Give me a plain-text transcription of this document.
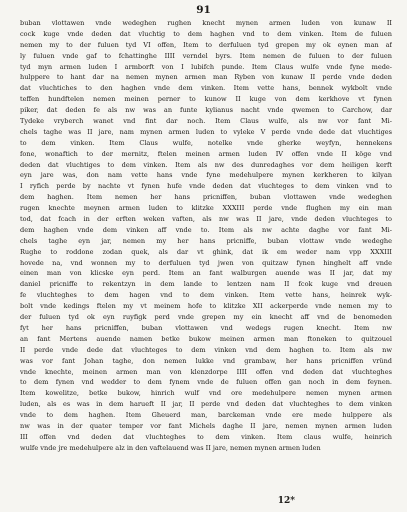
91
buban vlottawen vnde wedeghen rughen knecht mynen armen luden von kunaw II
cock kuge vnde deden dat vluchtig to dem haghen vnd to dem vinken. Item de fuluen
nemen my to der fuluen tyd VI offen, Item to derfuluen tyd grepen my ok eynen man af
ly fuluen vnde gaf to fchattinghe IIII verndel byrs. Item nemen de fuluen to der fuluen
tyd myn armen luden I armborft von I lubifch punde. Item Claus wulfe vnde fyne mede-
hulppere to hant dar na nemen mynen armen man Ryben von kunaw II perde vnde deden
dat vluchtiches to den haghen vnde dem vinken. Item vette hans, bennek wykbolt vnde
teffen hundftelen nemen meinen perner to kunow II kuge von dem kerkhove vt fynen
piker, dat deden fe als nw was an funte kylianus nacht vnde qwemen to Carchow, dar
Tydeke vryberch wanet vnd fint dar noch. Item Claus wulfe, als nw vor fant Mi-
chels taghe was II jare, nam mynen armen luden to vyleke V perde vnde dede dat vluchtiges
to dem vinken. Item Claus wulfe, notelke vnde gherke weyfyn, hennekens
fone, wonaftich to der mernitz, ftelen meinen armen luden IV offen vnde II köge vnd
deden dat vluchtiges to dem vinken. Item als nw des dunredaghes vor dem heiligen kerft
eyn jare was, don nam vette hans vnde fyne medehulpere mynen kerkheren to kilyan
I ryfich perde by nachte vt fynen hufe vnde deden dat vluchteges to dem vinken vnd to
dem haghen. Item nemen her hans pricniffen, buban vlottawen vnde wedeghen
rugen knechte meynen armen luden to klitzke XXXIII perde vnde flughen my ein man
tod, dat fcach in der erften weken vaften, als nw was II jare, vnde deden vluchteges to
dem haghen vnde dem vinken aff vnde to. Item als nw achte daghe vor fant Mi-
chels taghe eyn jar, nemen my her hans pricniffe, buban vlottaw vnde wedeghe
Rughe to roddone zodan quek, als dar vt ghink, dat ik em weder nam vpp XXXIII
hovede na, vnd wonnen my to derfuluen tyd jwen von quitzaw fynen hinghelt aff vnde
einen man von klicske eyn perd. Item an fant walburgen auende was II jar, dat my
daniel pricniffe to rekentzyn in dem lande to lentzen nam II fcok kuge vnd dreuen
fe vluchteghes to dem hagen vnd to dem vinken. Item vette hans, heinrek wyk-
bolt vnde kedings ftelen my vt meinem hofe to klitzke XII ackerperde vnde nemen my to
der fuluen tyd ok eyn ruyfigk perd vnde grepen my ein knecht aff vnd de benomeden
fyt her hans pricniffen, buban vlottawen vnd wedegs rugen knecht. Item nw
an fant Mertens auende namen betke bukow meinen armen man ftoneken to quitzouel
II perde vnde dede dat vluchteges to dem vinken vnd dem haghen to. Item als nw
was vor fant Johan taghe, don nemen lukke vnd grambaw, her hans pricniffen vründ
vnde knechte, meinen armen man von klenzdorpe IIII offen vnd deden dat vluchteghes
to dem fynen vnd wedder to dem fynem vnde de fuluen offen gan noch in dem feynen.
Item kowelitze, betke bukow, hinrich wulf vnd ore medehulpere nemen mynen armen
luden, als es was in dem harueft II jar, II perde vnd deden dat vluchteghes to dem vinken
vnde to dem haghen. Item Gheuerd man, barckeman vnde ere mede hulppere als
nw was in der quater temper vor fant Michels daghe II jare, nemen mynen armen luden
III offen vnd deden dat vluchteghes to dem vinken. Item claus wulfe, heinrich
wulfe vnde jre medehulpere alz in den vaftelauend was II jare, nemen mynen armen luden
12*
